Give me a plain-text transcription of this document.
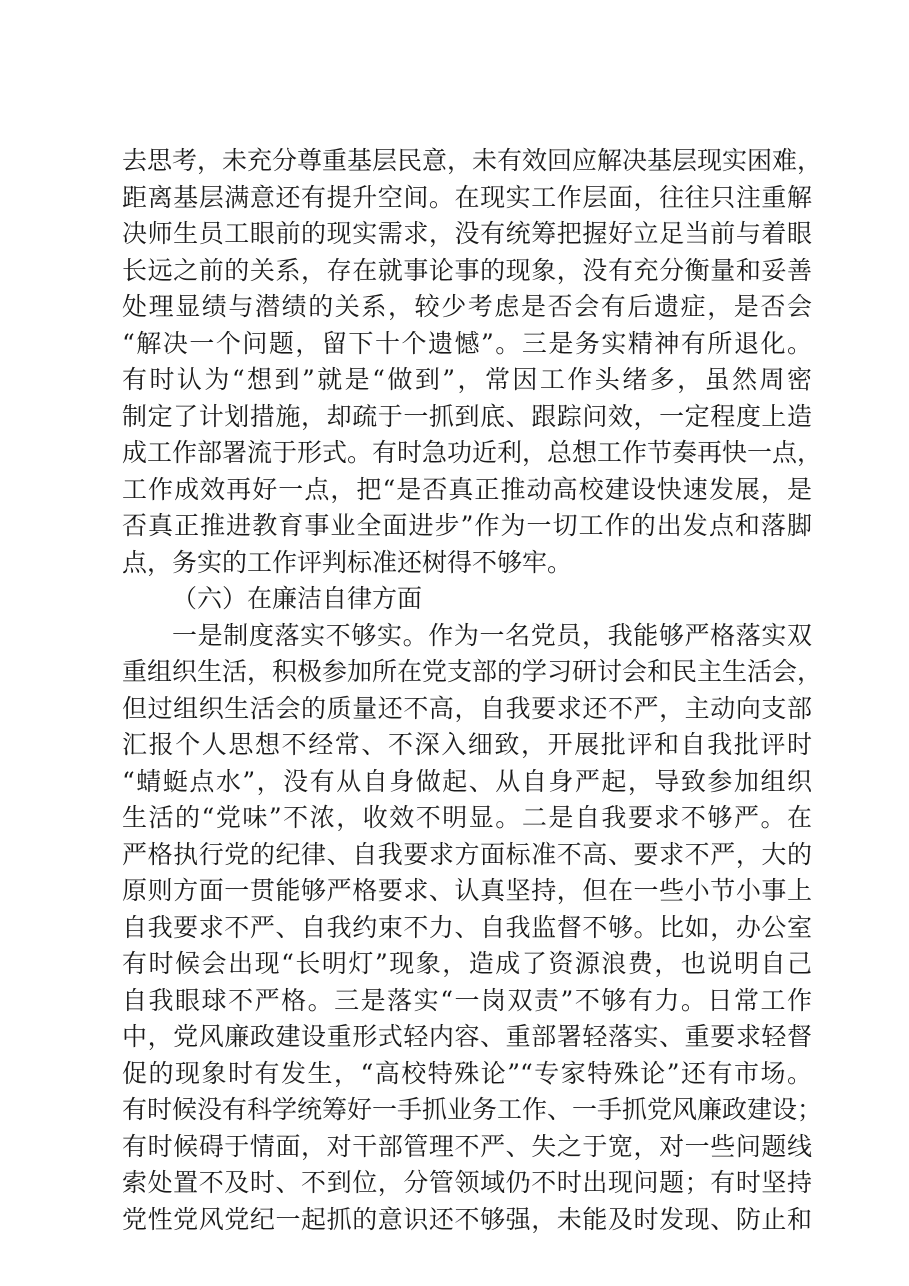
去思考，未充分尊重基层民意，未有效回应解决基层现实困难，
距离基层满意还有提升空间。在现实工作层面，往往只注重解
决师生员工眼前的现实需求，没有统筹把握好立足当前与着眼
长远之前的关系，存在就事论事的现象，没有充分衡量和妥善
处理显绩与潜绩的关系，较少考虑是否会有后遗症，是否会
“解决一个问题，留下十个遗憾”。三是务实精神有所退化。
有时认为“想到”就是“做到”，常因工作头绪多，虽然周密
制定了计划措施，却疏于一抓到底、跟踪问效，一定程度上造
成工作部署流于形式。有时急功近利，总想工作节奏再快一点，
工作成效再好一点，把“是否真正推动高校建设快速发展，是
否真正推进教育事业全面进步”作为一切工作的出发点和落脚
点，务实的工作评判标准还树得不够牢。
（六）在廉洁自律方面
一是制度落实不够实。作为一名党员，我能够严格落实双
重组织生活，积极参加所在党支部的学习研讨会和民主生活会，
但过组织生活会的质量还不高，自我要求还不严，主动向支部
汇报个人思想不经常、不深入细致，开展批评和自我批评时
“蜻蜓点水”，没有从自身做起、从自身严起，导致参加组织
生活的“党味”不浓，收效不明显。二是自我要求不够严。在
严格执行党的纪律、自我要求方面标准不高、要求不严，大的
原则方面一贯能够严格要求、认真坚持，但在一些小节小事上
自我要求不严、自我约束不力、自我监督不够。比如，办公室
有时候会出现“长明灯”现象，造成了资源浪费，也说明自己
自我眼球不严格。三是落实“一岗双责”不够有力。日常工作
中，党风廉政建设重形式轻内容、重部署轻落实、重要求轻督
促的现象时有发生，“高校特殊论”“专家特殊论”还有市场。
有时候没有科学统筹好一手抓业务工作、一手抓党风廉政建设；
有时候碍于情面，对干部管理不严、失之于宽，对一些问题线
索处置不及时、不到位，分管领域仍不时出现问题；有时坚持
党性党风党纪一起抓的意识还不够强，未能及时发现、防止和
